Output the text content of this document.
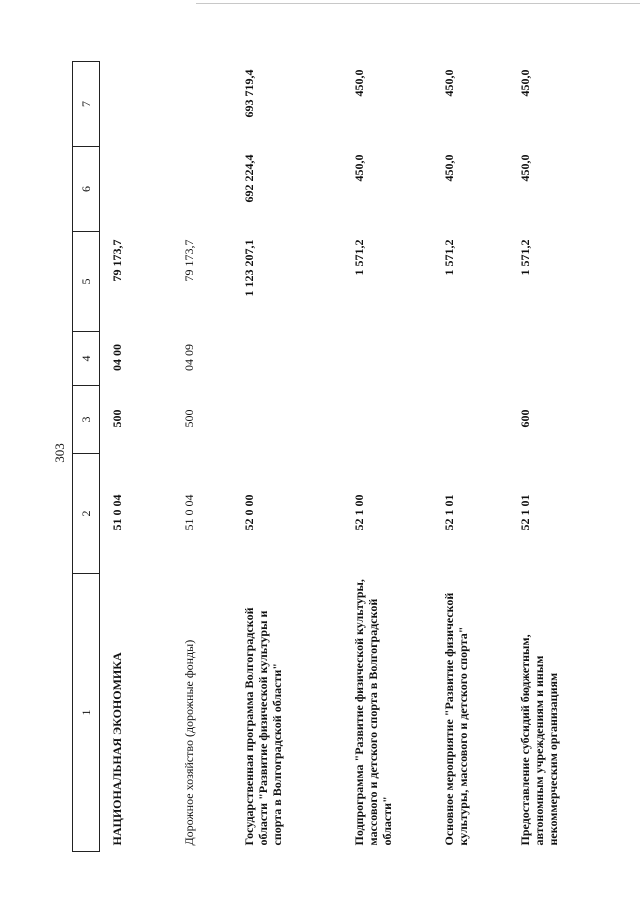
303
1	2	3	4	5	6	7
НАЦИОНАЛЬНАЯ ЭКОНОМИКА	51 0 04	500	04 00	79 173,7		
Дорожное хозяйство (дорожные фонды)	51 0 04	500	04 09	79 173,7		
Государственная программа Волгоградской области "Развитие физической культуры и спорта в Волгоградской области"	52 0 00			1 123 207,1	692 224,4	693 719,4
Подпрограмма "Развитие физической культуры, массового и детского спорта в Волгоградской области"	52 1 00			1 571,2	450,0	450,0
Основное мероприятие "Развитие физической культуры, массового и детского спорта"	52 1 01			1 571,2	450,0	450,0
Предоставление субсидий бюджетным, автономным учреждениям и иным некоммерческим организациям	52 1 01	600		1 571,2	450,0	450,0
